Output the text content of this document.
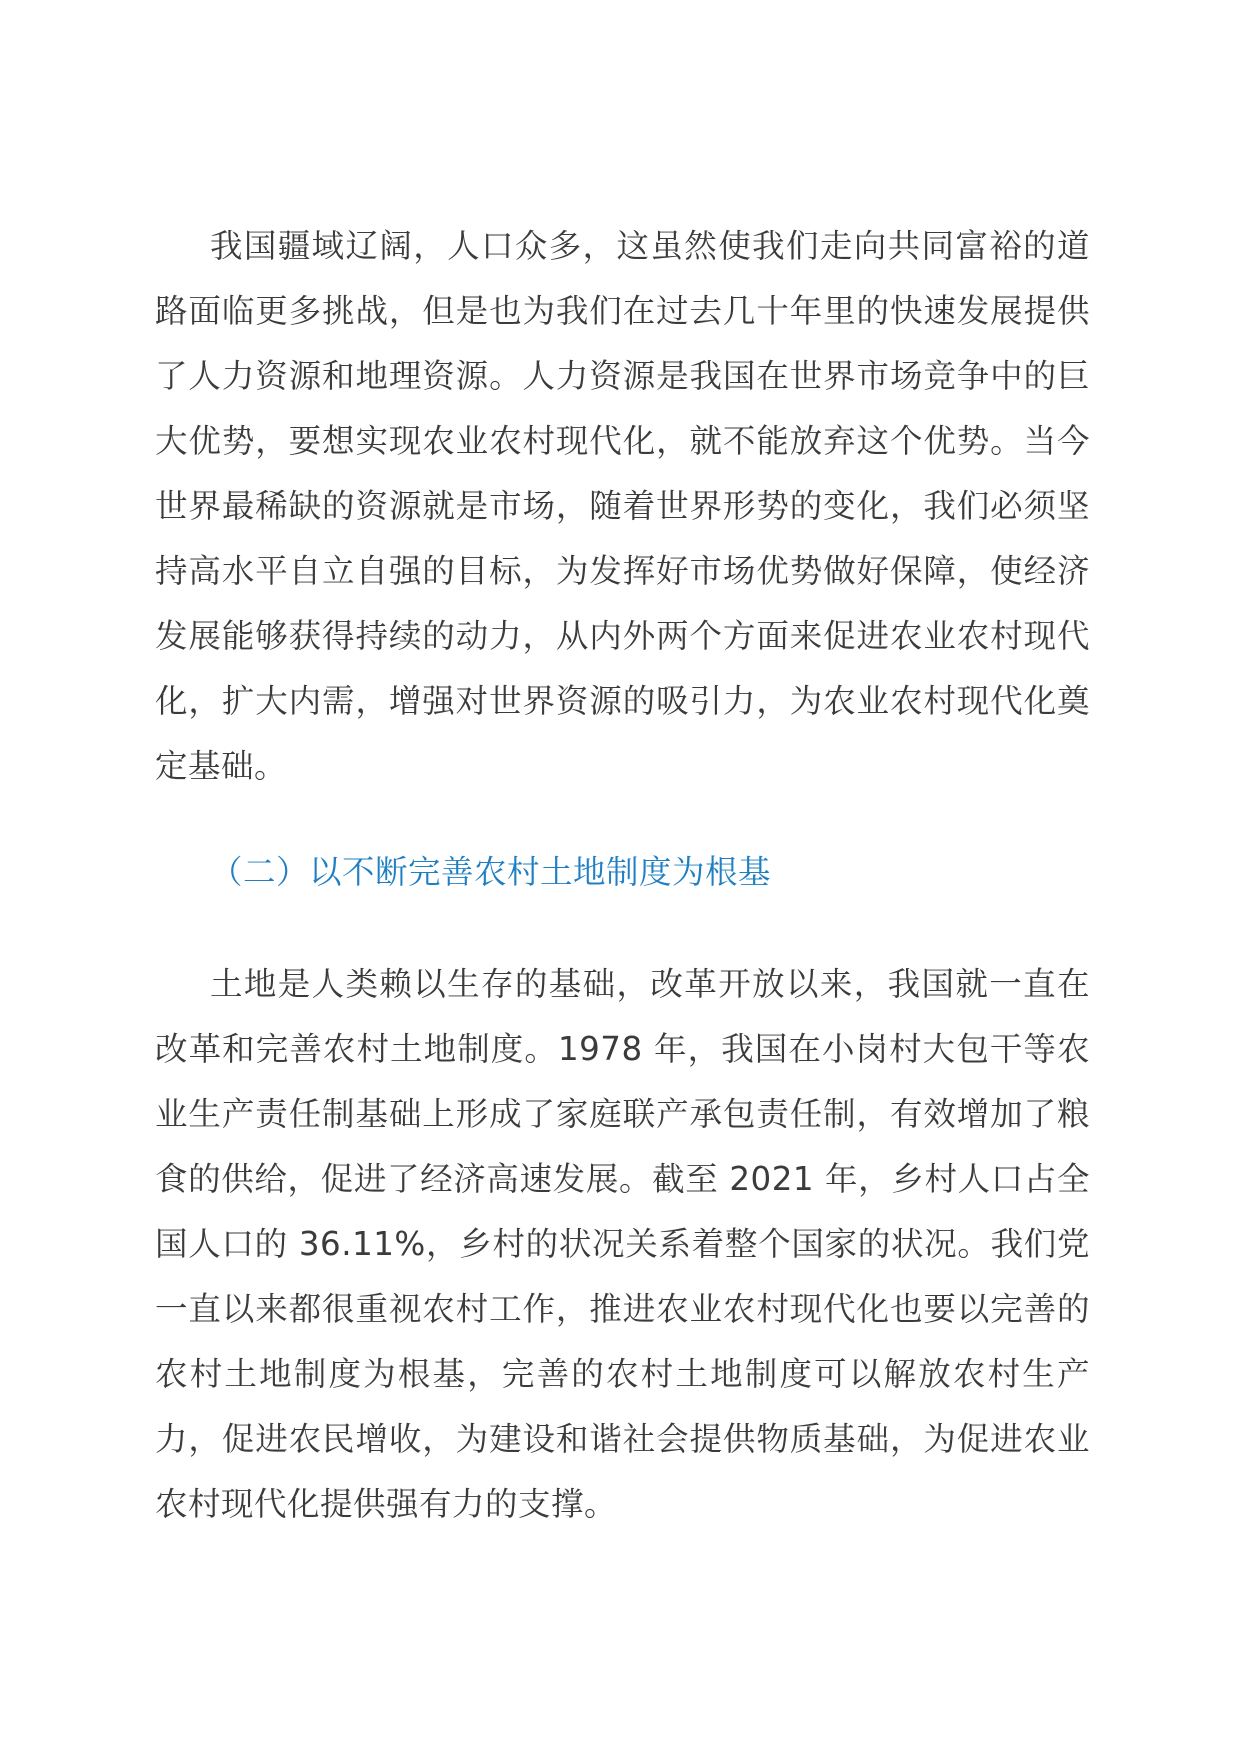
我国疆域辽阔，人口众多，这虽然使我们走向共同富裕的道路面临更多挑战，但是也为我们在过去几十年里的快速发展提供了人力资源和地理资源。人力资源是我国在世界市场竞争中的巨大优势，要想实现农业农村现代化，就不能放弃这个优势。当今世界最稀缺的资源就是市场，随着世界形势的变化，我们必须坚持高水平自立自强的目标，为发挥好市场优势做好保障，使经济发展能够获得持续的动力，从内外两个方面来促进农业农村现代化，扩大内需，增强对世界资源的吸引力，为农业农村现代化奠定基础。

（二）以不断完善农村土地制度为根基

土地是人类赖以生存的基础，改革开放以来，我国就一直在改革和完善农村土地制度。1978 年，我国在小岗村大包干等农业生产责任制基础上形成了家庭联产承包责任制，有效增加了粮食的供给，促进了经济高速发展。截至 2021 年，乡村人口占全国人口的 36.11%，乡村的状况关系着整个国家的状况。我们党一直以来都很重视农村工作，推进农业农村现代化也要以完善的农村土地制度为根基，完善的农村土地制度可以解放农村生产力，促进农民增收，为建设和谐社会提供物质基础，为促进农业农村现代化提供强有力的支撑。
